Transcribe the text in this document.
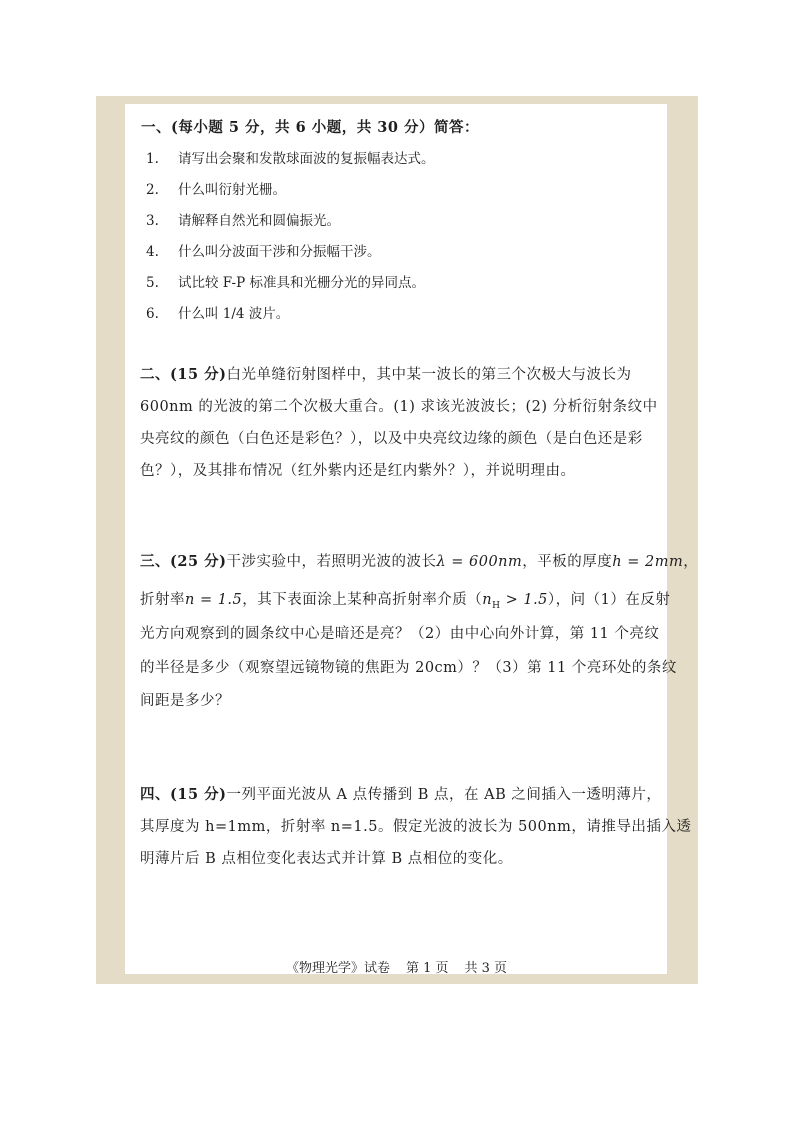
一、(每小题 5 分，共 6 小题，共 30 分）简答：
1. 请写出会聚和发散球面波的复振幅表达式。
2. 什么叫衍射光栅。
3. 请解释自然光和圆偏振光。
4. 什么叫分波面干涉和分振幅干涉。
5. 试比较 F-P 标准具和光栅分光的异同点。
6. 什么叫 1/4 波片。
二、(15 分)白光单缝衍射图样中，其中某一波长的第三个次极大与波长为
600nm 的光波的第二个次极大重合。(1) 求该光波波长；(2) 分析衍射条纹中
央亮纹的颜色（白色还是彩色？），以及中央亮纹边缘的颜色（是白色还是彩
色？），及其排布情况（红外紫内还是红内紫外？），并说明理由。
三、(25 分)干涉实验中，若照明光波的波长λ = 600nm，平板的厚度h = 2mm，
折射率n = 1.5，其下表面涂上某种高折射率介质$(n_H > 1.5)$，问（1）在反射
光方向观察到的圆条纹中心是暗还是亮？（2）由中心向外计算，第 11 个亮纹
的半径是多少（观察望远镜物镜的焦距为 20cm）？（3）第 11 个亮环处的条纹
间距是多少？
四、(15 分)一列平面光波从 A 点传播到 B 点，在 AB 之间插入一透明薄片，
其厚度为 h=1mm，折射率 n=1.5。假定光波的波长为 500nm，请推导出插入透
明薄片后 B 点相位变化表达式并计算 B 点相位的变化。
《物理光学》试卷 第 1 页 共 3 页
